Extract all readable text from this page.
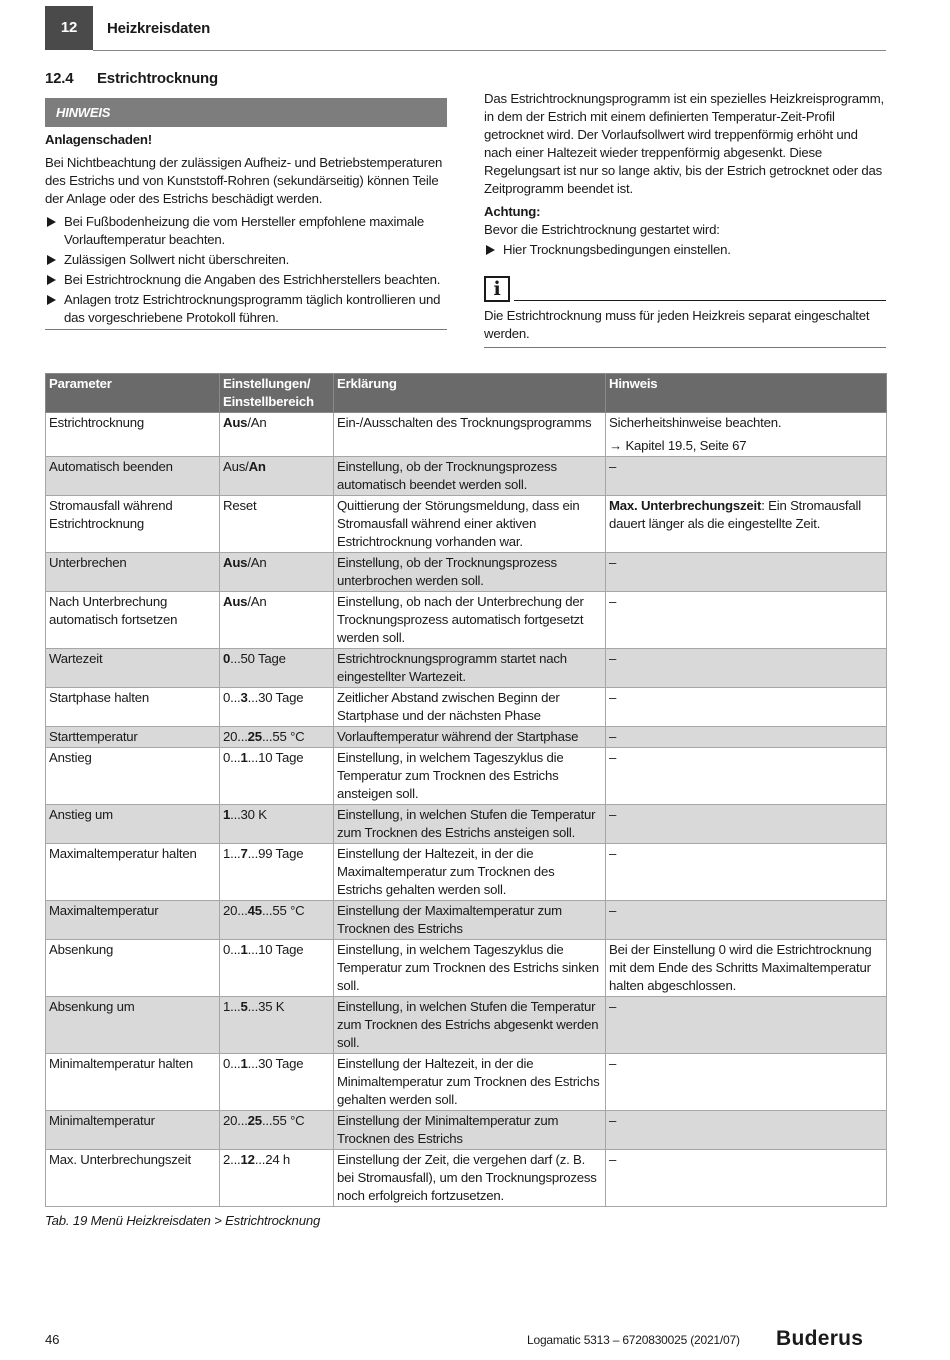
12	Heizkreisdaten
12.4 Estrichtrocknung
HINWEIS

Anlagenschaden!

Bei Nichtbeachtung der zulässigen Aufheiz- und Betriebstemperaturen des Estrichs und von Kunststoff-Rohren (sekundärseitig) können Teile der Anlage oder des Estrichs beschädigt werden.

Bei Fußbodenheizung die vom Hersteller empfohlene maximale Vorlauftemperatur beachten.
Zulässigen Sollwert nicht überschreiten.
Bei Estrichtrocknung die Angaben des Estrichherstellers beachten.
Anlagen trotz Estrichtrocknungsprogramm täglich kontrollieren und das vorgeschriebene Protokoll führen.

Das Estrichtrocknungsprogramm ist ein spezielles Heizkreisprogramm, in dem der Estrich mit einem definierten Temperatur-Zeit-Profil getrocknet wird. Der Vorlaufsollwert wird treppenförmig erhöht und nach einer Haltezeit wieder treppenförmig abgesenkt. Diese Regelungsart ist nur so lange aktiv, bis der Estrich getrocknet oder das Zeitprogramm beendet ist.

Achtung:

Bevor die Estrichtrocknung gestartet wird:

Hier Trocknungsbedingungen einstellen.
i
Die Estrichtrocknung muss für jeden Heizkreis separat eingeschaltet werden.
Parameter	Einstellungen/ Einstellbereich	Erklärung	Hinweis
Estrichtrocknung	Aus/An	Ein-/Ausschalten des Trocknungsprogramms	Sicherheitshinweise beachten.
→ Kapitel 19.5, Seite 67

Automatisch beenden	Aus/An	Einstellung, ob der Trocknungsprozess automatisch beendet werden soll.	–
Stromausfall während Estrichtrocknung	Reset	Quittierung der Störungsmeldung, dass ein Stromausfall während einer aktiven Estrichtrocknung vorhanden war.	Max. Unterbrechungszeit: Ein Stromausfall dauert länger als die eingestellte Zeit.
Unterbrechen	Aus/An	Einstellung, ob der Trocknungsprozess unterbrochen werden soll.	–
Nach Unterbrechung automatisch fortsetzen	Aus/An	Einstellung, ob nach der Unterbrechung der Trocknungsprozess automatisch fortgesetzt werden soll.	–
Wartezeit	0...50 Tage	Estrichtrocknungsprogramm startet nach eingestellter Wartezeit.	–
Startphase halten	0...3...30 Tage	Zeitlicher Abstand zwischen Beginn der Startphase und der nächsten Phase	–
Starttemperatur	20...25...55 °C	Vorlauftemperatur während der Startphase	–
Anstieg	0...1...10 Tage	Einstellung, in welchem Tageszyklus die Temperatur zum Trocknen des Estrichs ansteigen soll.	–
Anstieg um	1...30 K	Einstellung, in welchen Stufen die Temperatur zum Trocknen des Estrichs ansteigen soll.	–
Maximaltemperatur halten	1...7...99 Tage	Einstellung der Haltezeit, in der die Maximaltemperatur zum Trocknen des Estrichs gehalten werden soll.	–
Maximaltemperatur	20...45...55 °C	Einstellung der Maximaltemperatur zum Trocknen des Estrichs	–
Absenkung	0...1...10 Tage	Einstellung, in welchem Tageszyklus die Temperatur zum Trocknen des Estrichs sinken soll.	Bei der Einstellung 0 wird die Estrichtrocknung mit dem Ende des Schritts Maximaltemperatur halten abgeschlossen.
Absenkung um	1...5...35 K	Einstellung, in welchen Stufen die Temperatur zum Trocknen des Estrichs abgesenkt werden soll.	–
Minimaltemperatur halten	0...1...30 Tage	Einstellung der Haltezeit, in der die Minimaltemperatur zum Trocknen des Estrichs gehalten werden soll.	–
Minimaltemperatur	20...25...55 °C	Einstellung der Minimaltemperatur zum Trocknen des Estrichs	–
Max. Unterbrechungszeit	2...12...24 h	Einstellung der Zeit, die vergehen darf (z. B. bei Stromausfall), um den Trocknungsprozess noch erfolgreich fortzusetzen.	–
Tab. 19 Menü Heizkreisdaten > Estrichtrocknung
46	Logamatic 5313 – 6720830025 (2021/07) Buderus
